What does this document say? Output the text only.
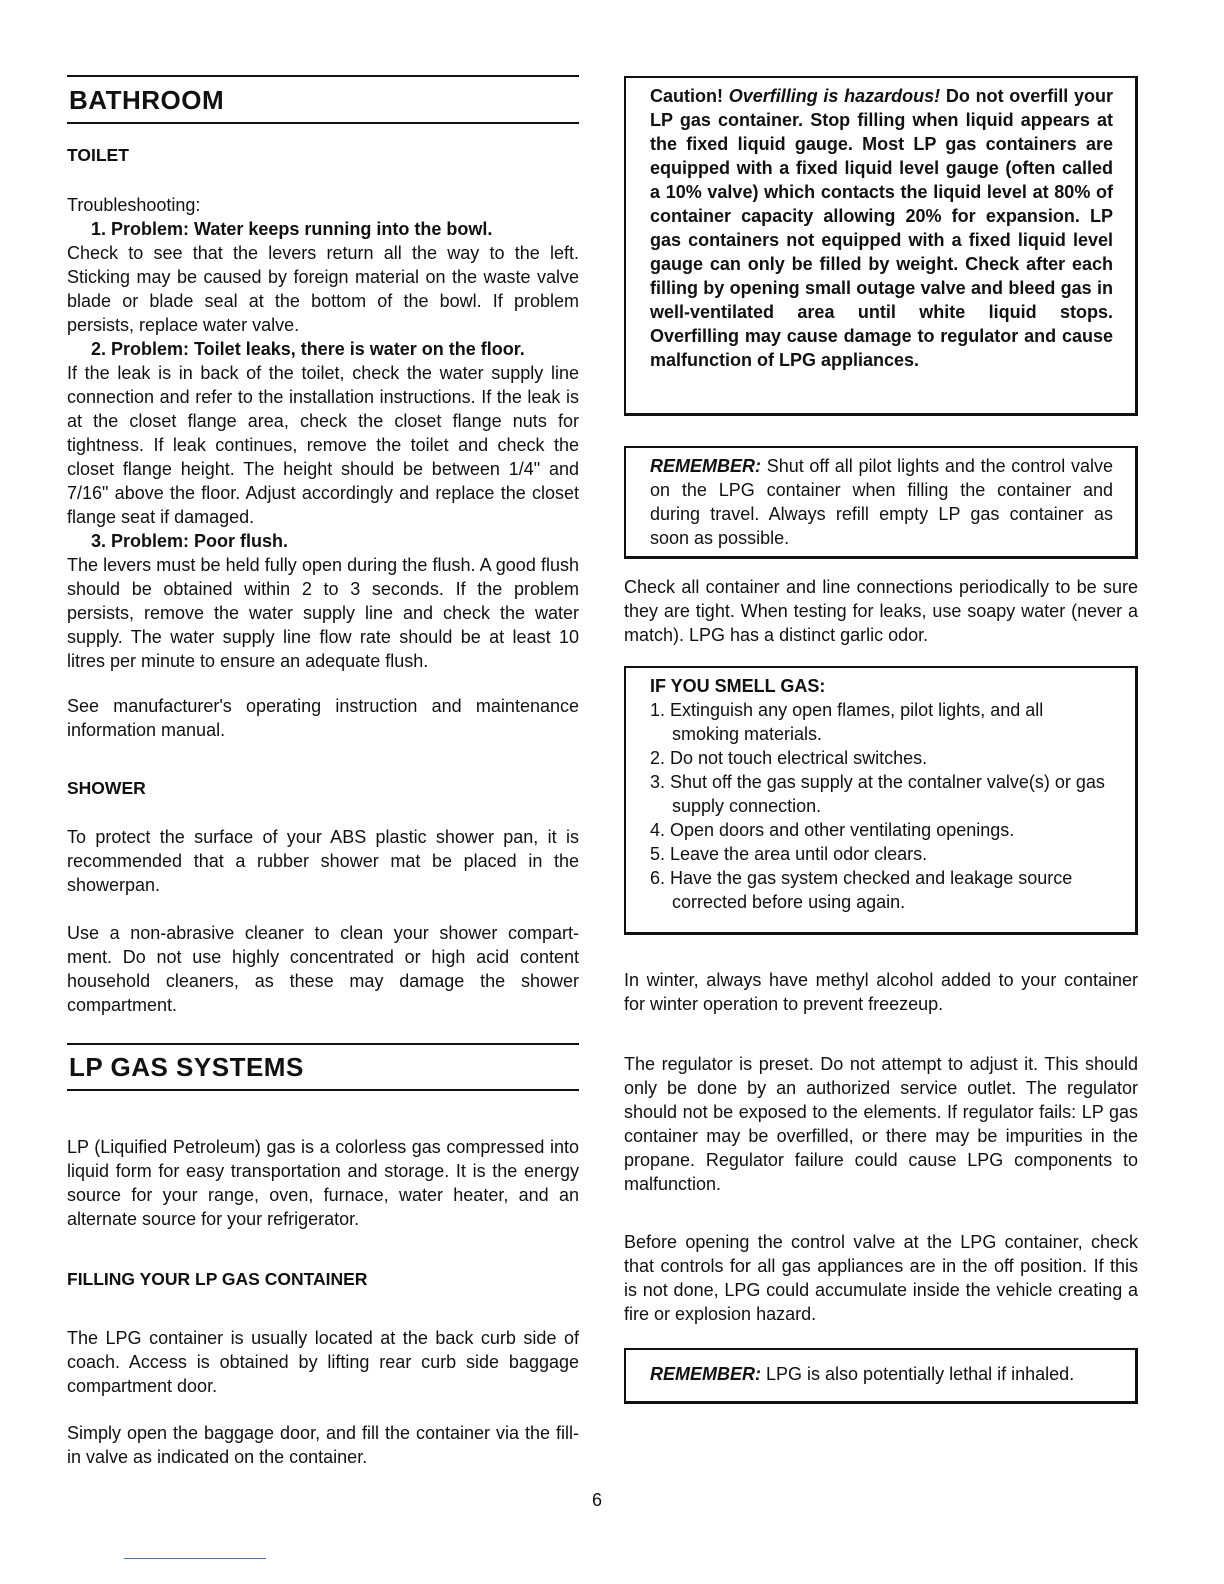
BATHROOM
TOILET
Troubleshooting:

1. Problem: Water keeps running into the bowl.
Check to see that the levers return all the way to the left. Sticking may be caused by foreign material on the waste valve blade or blade seal at the bottom of the bowl. If problem persists, replace water valve.
2. Problem: Toilet leaks, there is water on the floor.
If the leak is in back of the toilet, check the water supply line connection and refer to the installation instructions. If the leak is at the closet flange area, check the closet flange nuts for tightness. If leak continues, remove the toilet and check the closet flange height. The height should be between 1/4" and 7/16" above the floor. Adjust accordingly and replace the closet flange seat if damaged.
3. Problem: Poor flush.
The levers must be held fully open during the flush. A good flush should be obtained within 2 to 3 seconds. If the problem persists, remove the water supply line and check the water supply. The water supply line flow rate should be at least 10 litres per minute to ensure an adequate flush.
See manufacturer's operating instruction and maintenance information manual.
SHOWER
To protect the surface of your ABS plastic shower pan, it is recommended that a rubber shower mat be placed in the showerpan.
Use a non-abrasive cleaner to clean your shower compart-ment. Do not use highly concentrated or high acid content household cleaners, as these may damage the shower compartment.
LP GAS SYSTEMS
LP (Liquified Petroleum) gas is a colorless gas compressed into liquid form for easy transportation and storage. It is the energy source for your range, oven, furnace, water heater, and an alternate source for your refrigerator.
FILLING YOUR LP GAS CONTAINER
The LPG container is usually located at the back curb side of coach. Access is obtained by lifting rear curb side baggage compartment door.
Simply open the baggage door, and fill the container via the fill-in valve as indicated on the container.

Caution! Overfilling is hazardous! Do not overfill your LP gas container. Stop filling when liquid appears at the fixed liquid gauge. Most LP gas containers are equipped with a fixed liquid level gauge (often called a 10% valve) which contacts the liquid level at 80% of container capacity allowing 20% for expansion. LP gas containers not equipped with a fixed liquid level gauge can only be filled by weight. Check after each filling by opening small outage valve and bleed gas in well-ventilated area until white liquid stops. Overfilling may cause damage to regulator and cause malfunction of LPG appliances.

REMEMBER: Shut off all pilot lights and the control valve on the LPG container when filling the container and during travel. Always refill empty LP gas container as soon as possible.

Check all container and line connections periodically to be sure they are tight. When testing for leaks, use soapy water (never a match). LPG has a distinct garlic odor.
IF YOU SMELL GAS:
1. Extinguish any open flames, pilot lights, and all smoking materials.
2. Do not touch electrical switches.
3. Shut off the gas supply at the contalner valve(s) or gas supply connection.
4. Open doors and other ventilating openings.
5. Leave the area until odor clears.
6. Have the gas system checked and leakage source corrected before using again.
In winter, always have methyl alcohol added to your container for winter operation to prevent freezeup.
The regulator is preset. Do not attempt to adjust it. This should only be done by an authorized service outlet. The regulator should not be exposed to the elements. If regulator fails: LP gas container may be overfilled, or there may be impurities in the propane. Regulator failure could cause LPG components to malfunction.
Before opening the control valve at the LPG container, check that controls for all gas appliances are in the off position. If this is not done, LPG could accumulate inside the vehicle creating a fire or explosion hazard.

REMEMBER: LPG is also potentially lethal if inhaled.

6
